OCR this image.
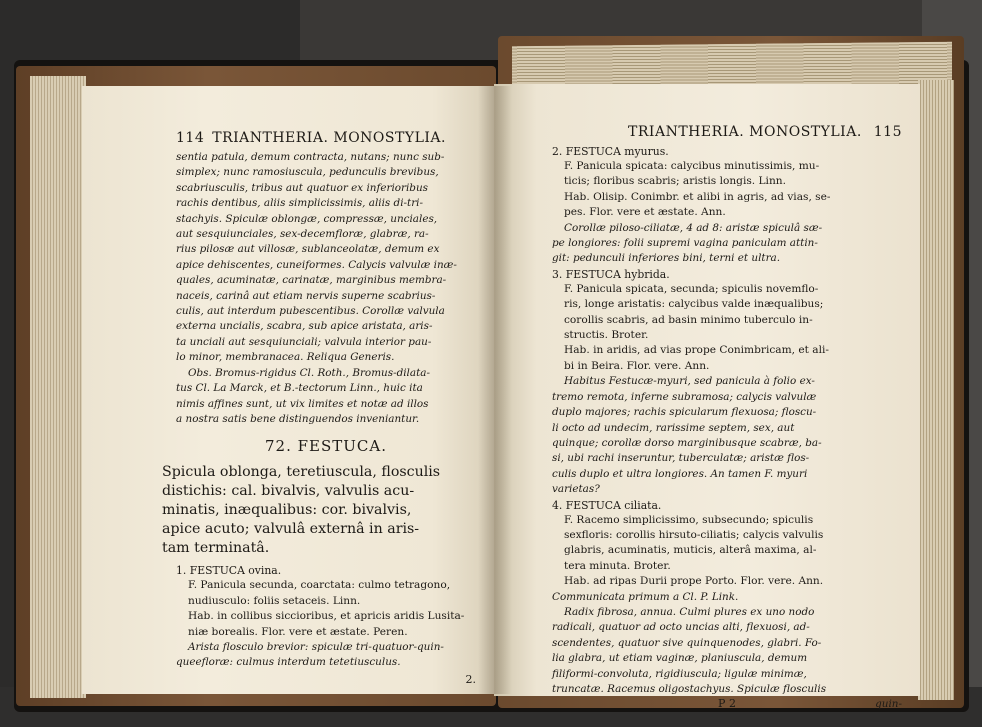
114 TRIANTHERIA. MONOSTYLIA.

sentia patula, demum contracta, nutans; nunc sub-

simplex; nunc ramosiuscula, pedunculis brevibus,

scabriusculis, tribus aut quatuor ex inferioribus

rachis dentibus, aliis simplicissimis, aliis di-tri-

stachyis. Spiculæ oblongæ, compressæ, unciales,

aut sesquiunciales, sex-decemfloræ, glabræ, ra-

rius pilosæ aut villosæ, sublanceolatæ, demum ex

apice dehiscentes, cuneiformes. Calycis valvulæ inæ-

quales, acuminatæ, carinatæ, marginibus membra-

naceis, carinâ aut etiam nervis superne scabrius-

culis, aut interdum pubescentibus. Corollæ valvula

externa uncialis, scabra, sub apice aristata, aris-

ta unciali aut sesquiunciali; valvula interior pau-

lo minor, membranacea. Reliqua Generis.

Obs. Bromus-rigidus Cl. Roth., Bromus-dilata-

tus Cl. La Marck, et B.-tectorum Linn., huic ita

nimis affines sunt, ut vix limites et notæ ad illos

a nostra satis bene distinguendos inveniantur.

72. FESTUCA.

Spicula oblonga, teretiuscula, flosculis

distichis: cal. bivalvis, valvulis acu-

minatis, inæqualibus: cor. bivalvis,

apice acuto; valvulâ externâ in aris-

tam terminatâ.

1. FESTUCA ovina.

F. Panicula secunda, coarctata: culmo tetragono,

nudiusculo: foliis setaceis. Linn.

Hab. in collibus siccioribus, et apricis aridis Lusita-

niæ borealis. Flor. vere et æstate. Peren.

Arista flosculo brevior: spiculæ tri-quatuor-quin-

queefloræ: culmus interdum tetetiusculus.

2.
TRIANTHERIA. MONOSTYLIA. 115

2. FESTUCA myurus.

F. Panicula spicata: calycibus minutissimis, mu-

ticis; floribus scabris; aristis longis. Linn.

Hab. Olisip. Conimbr. et alibi in agris, ad vias, se-

pes. Flor. vere et æstate. Ann.

Corollæ piloso-ciliatæ, 4 ad 8: aristæ spiculâ sæ-

pe longiores: folii supremi vagina paniculam attin-

git: pedunculi inferiores bini, terni et ultra.

3. FESTUCA hybrida.

F. Panicula spicata, secunda; spiculis novemflo-

ris, longe aristatis: calycibus valde inæqualibus;

corollis scabris, ad basin minimo tuberculo in-

structis. Broter.

Hab. in aridis, ad vias prope Conimbricam, et ali-

bi in Beira. Flor. vere. Ann.

Habitus Festucæ-myuri, sed panicula à folio ex-

tremo remota, inferne subramosa; calycis valvulæ

duplo majores; rachis spicularum flexuosa; floscu-

li octo ad undecim, rarissime septem, sex, aut

quinque; corollæ dorso marginibusque scabræ, ba-

si, ubi rachi inseruntur, tuberculatæ; aristæ flos-

culis duplo et ultra longiores. An tamen F. myuri

varietas?

4. FESTUCA ciliata.

F. Racemo simplicissimo, subsecundo; spiculis

sexfloris: corollis hirsuto-ciliatis; calycis valvulis

glabris, acuminatis, muticis, alterâ maxima, al-

tera minuta. Broter.

Hab. ad ripas Durii prope Porto. Flor. vere. Ann.

Communicata primum a Cl. P. Link.

Radix fibrosa, annua. Culmi plures ex uno nodo

radicali, quatuor ad octo uncias alti, flexuosi, ad-

scendentes, quatuor sive quinquenodes, glabri. Fo-

lia glabra, ut etiam vaginæ, planiuscula, demum

filiformi-convoluta, rigidiuscula; ligulæ minimæ,

truncatæ. Racemus oligostachyus. Spiculæ flosculis

P 2	quin-
